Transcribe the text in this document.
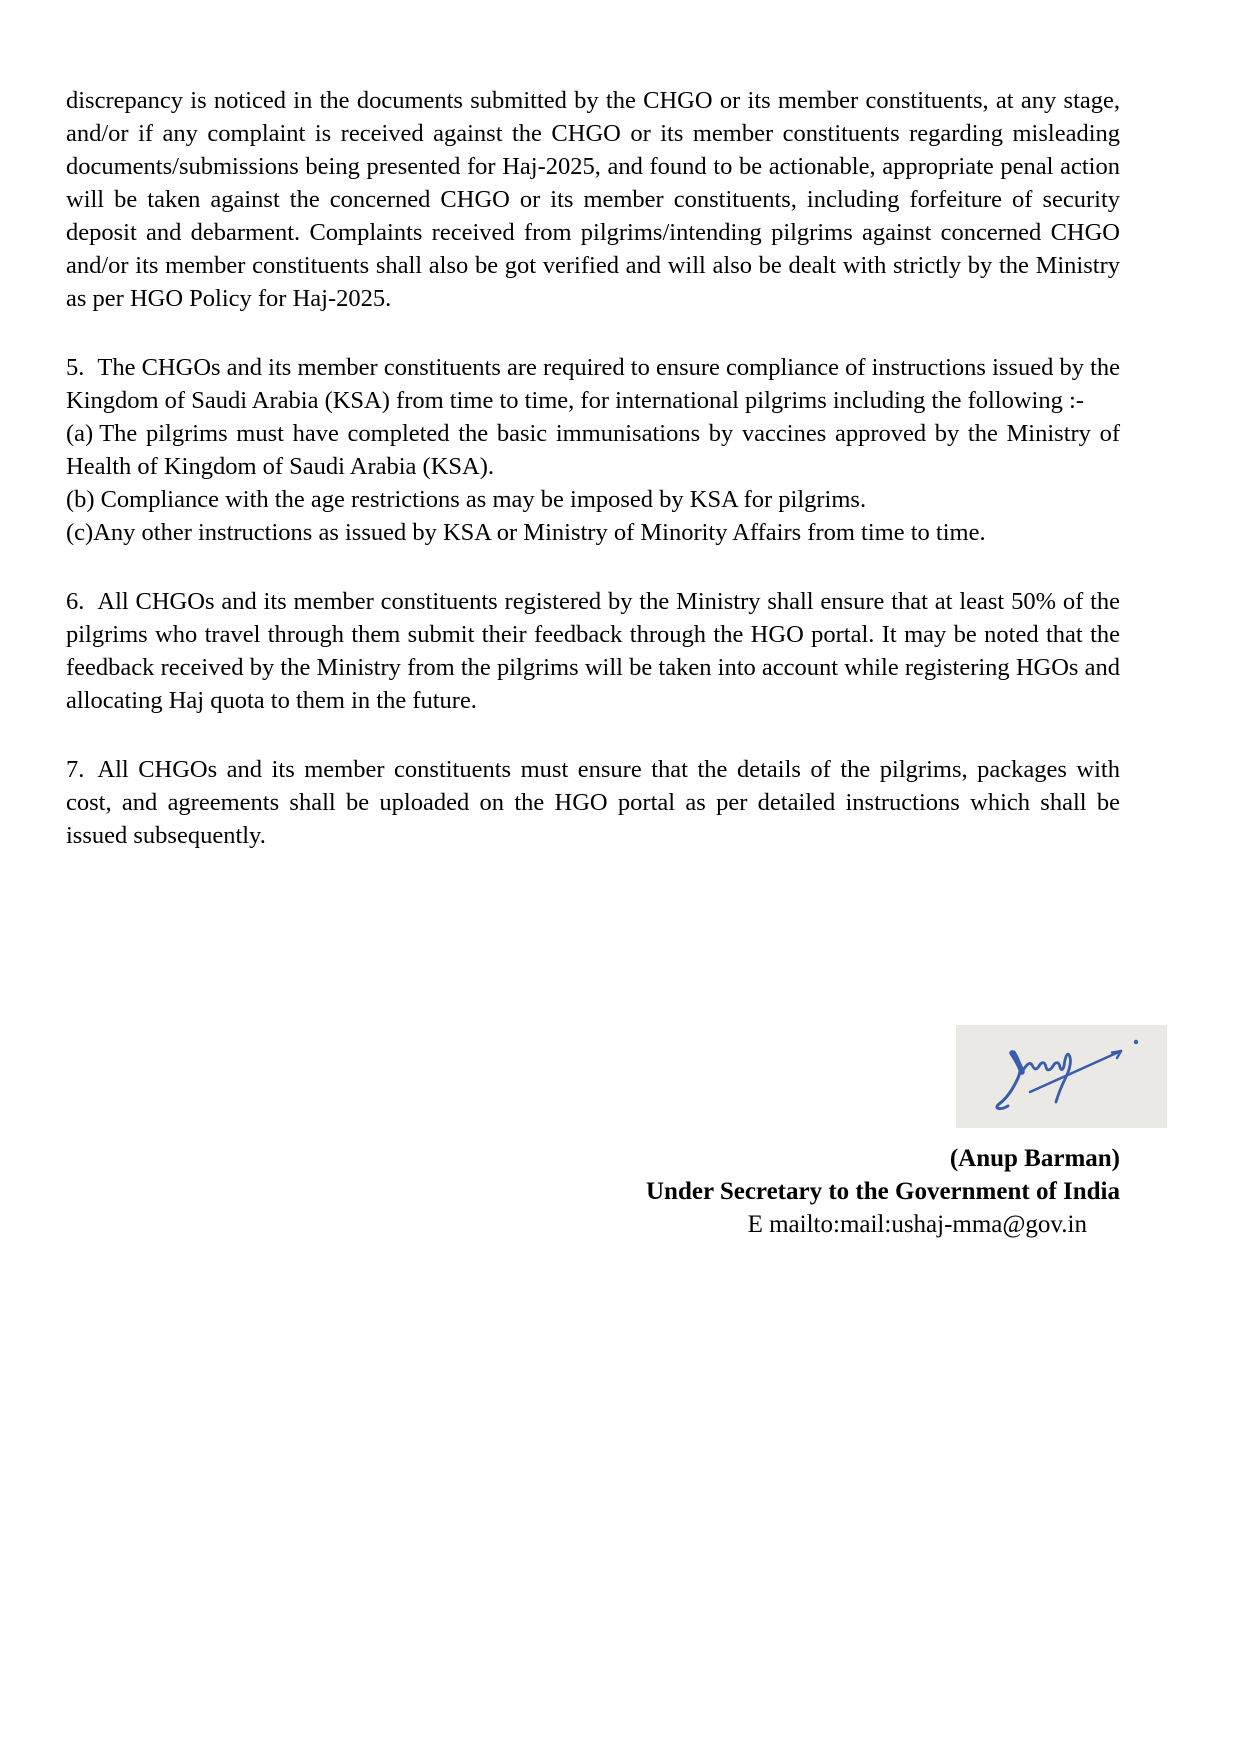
discrepancy is noticed in the documents submitted by the CHGO or its member constituents, at any stage, and/or if any complaint is received against the CHGO or its member constituents regarding misleading documents/submissions being presented for Haj-2025, and found to be actionable, appropriate penal action will be taken against the concerned CHGO or its member constituents, including forfeiture of security deposit and debarment. Complaints received from pilgrims/intending pilgrims against concerned CHGO and/or its member constituents shall also be got verified and will also be dealt with strictly by the Ministry as per HGO Policy for Haj-2025.

5. The CHGOs and its member constituents are required to ensure compliance of instructions issued by the Kingdom of Saudi Arabia (KSA) from time to time, for international pilgrims including the following :-

(a) The pilgrims must have completed the basic immunisations by vaccines approved by the Ministry of Health of Kingdom of Saudi Arabia (KSA).

(b) Compliance with the age restrictions as may be imposed by KSA for pilgrims.

(c)Any other instructions as issued by KSA or Ministry of Minority Affairs from time to time.

6. All CHGOs and its member constituents registered by the Ministry shall ensure that at least 50% of the pilgrims who travel through them submit their feedback through the HGO portal. It may be noted that the feedback received by the Ministry from the pilgrims will be taken into account while registering HGOs and allocating Haj quota to them in the future.

7. All CHGOs and its member constituents must ensure that the details of the pilgrims, packages with cost, and agreements shall be uploaded on the HGO portal as per detailed instructions which shall be issued subsequently.

(Anup Barman)
Under Secretary to the Government of India
E mailto:mail:ushaj-mma@gov.in
